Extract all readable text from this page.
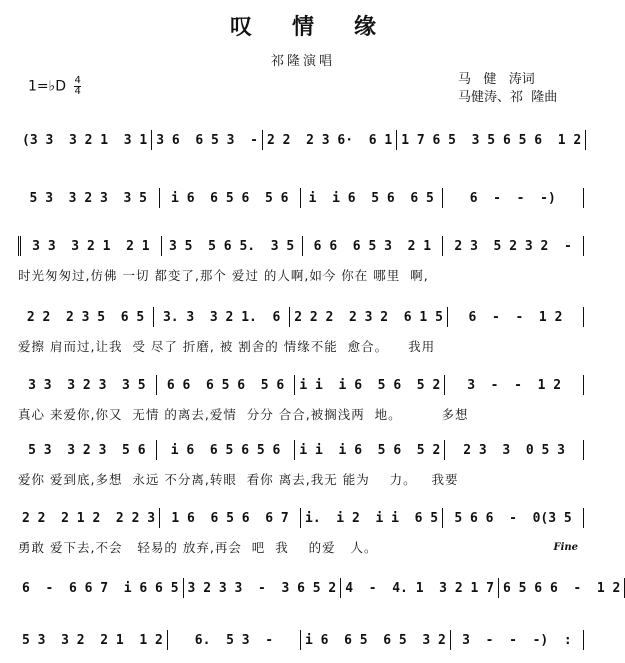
叹情缘
祁隆演唱
1=♭D $\frac{4}{4}$	马   健   涛词
马健涛、祁  隆曲
(3 3  3 2 1  3 1 3 6  6 5 3  - 2 2  2 3 6·  6 1 1 7 6 5  3 5 6 5 6  1 2
5 3  3 2 3  3 5	i 6  6 5 6  5 6	i  i 6  5 6  6 5	6  -  -  -)
3 3  3 2 1  2 1	3 5  5 6 5.  3 5	6 6  6 5 3  2 1	2 3  5 2 3 2  -
时光匆匆过,仿佛 一切 都变了,那个 爱过 的人啊,如今 你在 哪里  啊,
2 2  2 3 5  6 5	3. 3  3 2 1.  6	2 2 2  2 3 2  6 1 5	6  -  -  1 2
爱擦 肩而过,让我  受 尽了 折磨, 被 割舍的 情缘不能  愈合。    我用
3 3  3 2 3  3 5	6 6  6 5 6  5 6	i i  i 6  5 6  5 2	3  -  -  1 2
真心 来爱你,你又  无情 的离去,爱情  分分 合合,被搁浅两  地。        多想
5 3  3 2 3  5 6	i 6  6 5 6 5 6	i i  i 6  5 6  5 2	2 3  3  0 5 3
爱你 爱到底,多想  永远 不分离,转眼  看你 离去,我无 能为    力。   我要
2 2  2 1 2  2 2 3	1 6  6 5 6  6 7	i.  i 2  i i  6 5	5 6 6  -  0(3 5
勇敢 爱下去,不会   轻易的 放弃,再会  吧  我    的爱   人。	Fine
6  -  6 6 7  i 6 6 5 3 2 3 3  -  3 6 5 2 4  -  4. 1  3 2 1 7 6 5 6 6  -  1 2
5 3  3 2  2 1  1 2	6.  5 3  -	i 6  6 5  6 5  3 2	3  -  -  -)  :
